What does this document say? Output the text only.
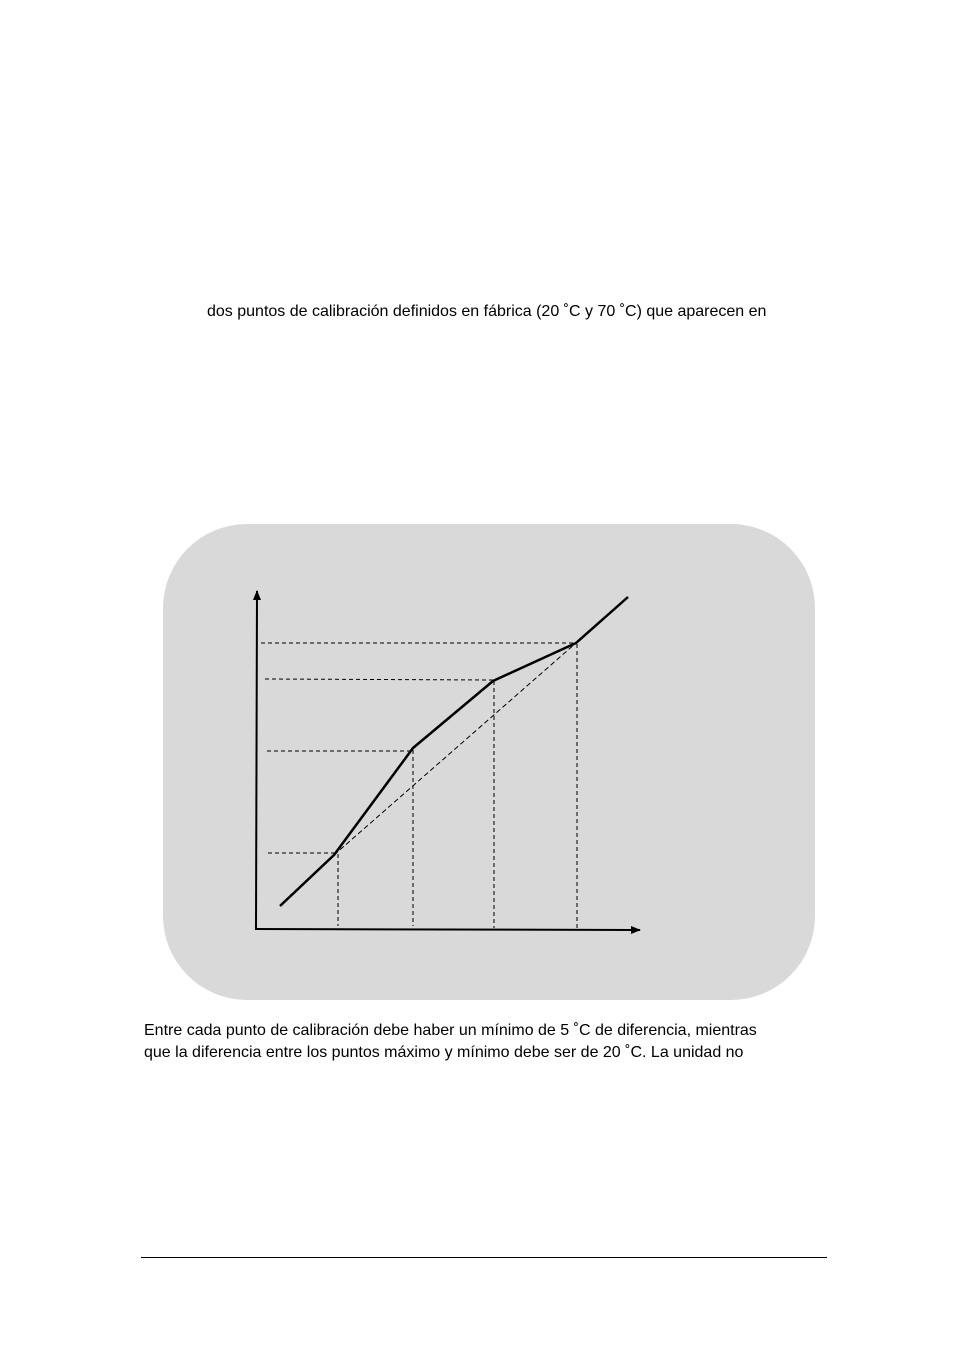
dos puntos de calibración definidos en fábrica (20 ˚C y 70 ˚C) que aparecen en
Entre cada punto de calibración debe haber un mínimo de 5 ˚C de diferencia, mientras
que la diferencia entre los puntos máximo y mínimo debe ser de 20 ˚C. La unidad no
